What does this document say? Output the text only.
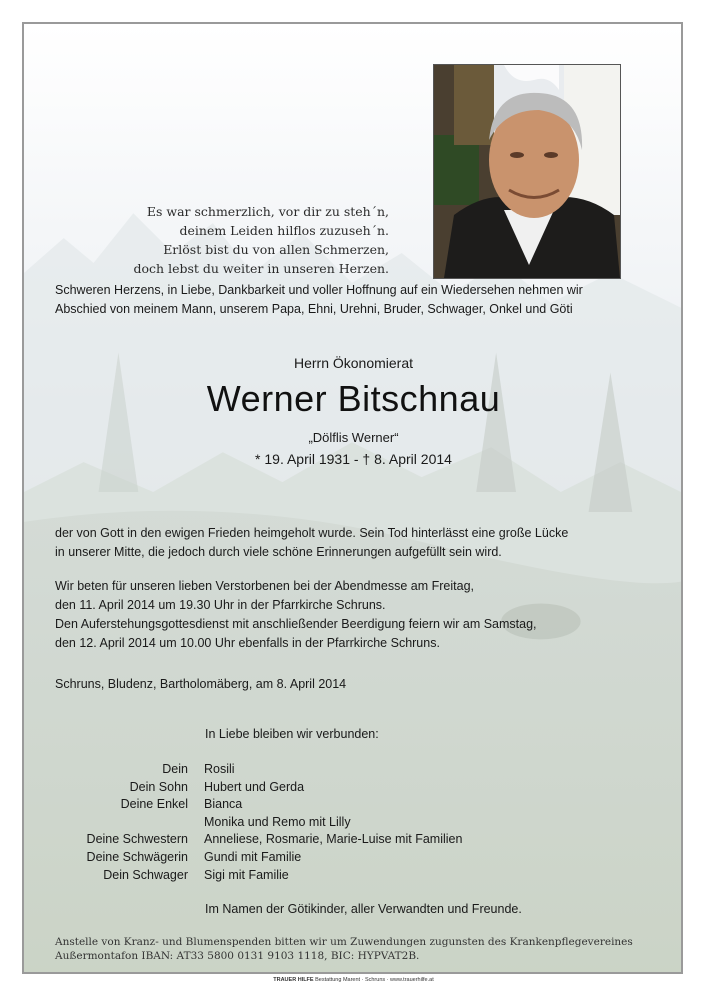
Es war schmerzlich, vor dir zu steh´n,
deinem Leiden hilflos zuzuseh´n.
Erlöst bist du von allen Schmerzen,
doch lebst du weiter in unseren Herzen.
Schweren Herzens, in Liebe, Dankbarkeit und voller Hoffnung auf ein Wiedersehen nehmen wir
Abschied von meinem Mann, unserem Papa, Ehni, Urehni, Bruder, Schwager, Onkel und Göti
Herrn Ökonomierat
Werner Bitschnau
„Dölflis Werner“
* 19. April 1931 - † 8. April 2014
der von Gott in den ewigen Frieden heimgeholt wurde. Sein Tod hinterlässt eine große Lücke
in unserer Mitte, die jedoch durch viele schöne Erinnerungen aufgefüllt sein wird.
Wir beten für unseren lieben Verstorbenen bei der Abendmesse am Freitag,
den 11. April 2014 um 19.30 Uhr in der Pfarrkirche Schruns.
Den Auferstehungsgottesdienst mit anschließender Beerdigung feiern wir am Samstag,
den 12. April 2014 um 10.00 Uhr ebenfalls in der Pfarrkirche Schruns.
Schruns, Bludenz, Bartholomäberg, am 8. April 2014
In Liebe bleiben wir verbunden:
Dein	Rosili
Dein Sohn	Hubert und Gerda
Deine Enkel	Bianca
Monika und Remo mit Lilly
Deine Schwestern	Anneliese, Rosmarie, Marie-Luise mit Familien
Deine Schwägerin	Gundi mit Familie
Dein Schwager	Sigi mit Familie
Im Namen der Götikinder, aller Verwandten und Freunde.
Anstelle von Kranz- und Blumenspenden bitten wir um Zuwendungen zugunsten des Krankenpflegevereines
Außermontafon IBAN: AT33 5800 0131 9103 1118, BIC: HYPVAT2B.
TRAUER HILFE Bestattung Marent · Schruns · www.trauerhilfe.at
